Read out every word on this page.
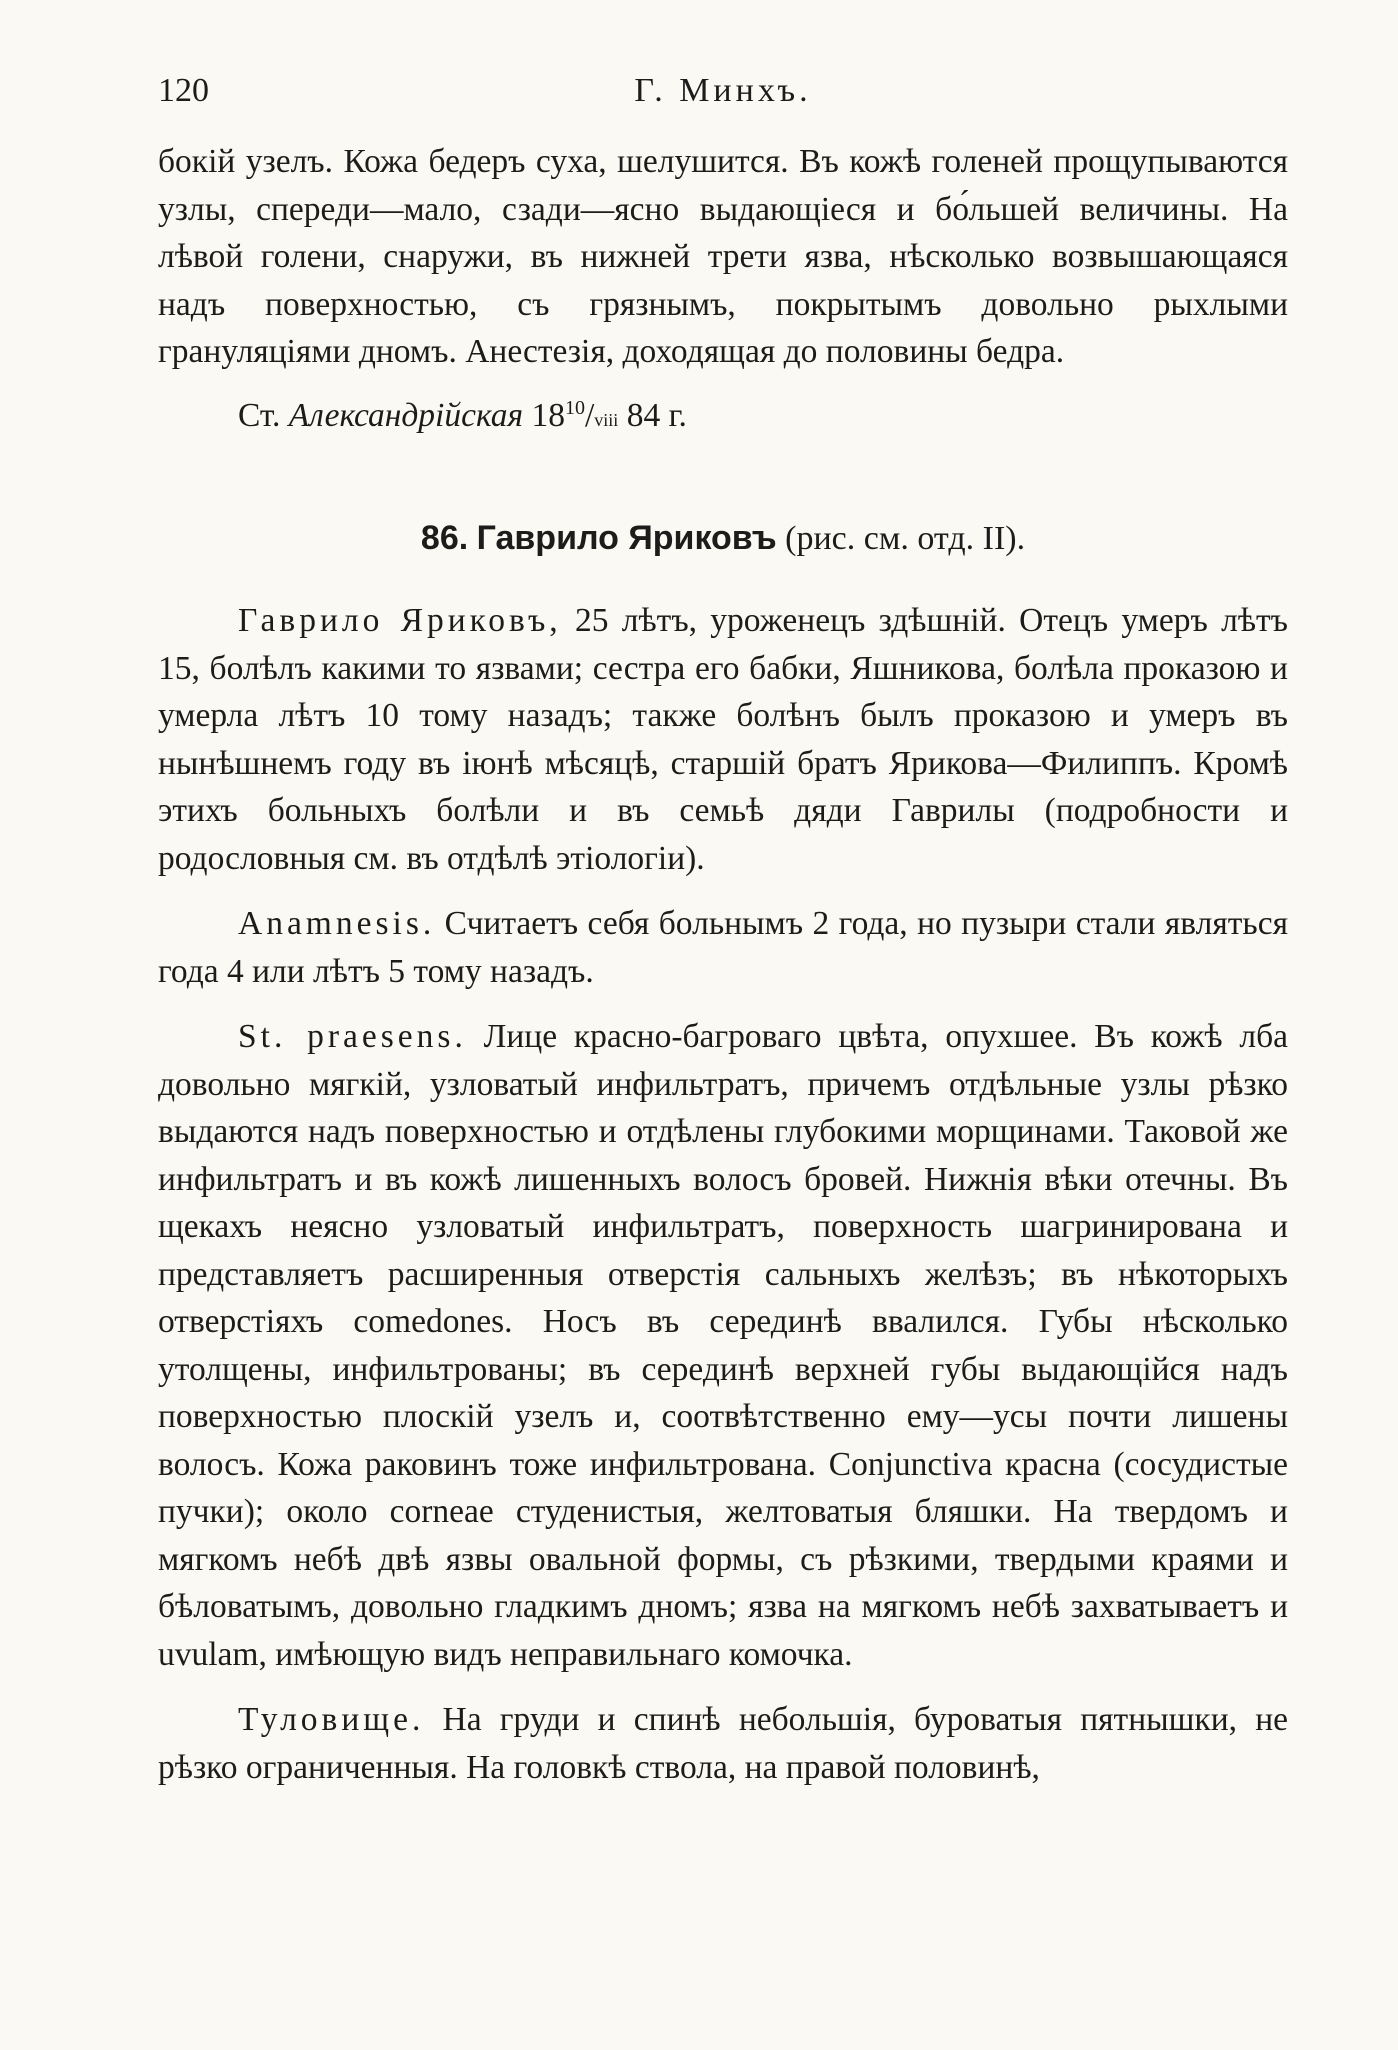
120	Г. Минхъ.

бокій узелъ. Кожа бедеръ суха, шелушится. Въ кожѣ голеней прощупываются узлы, спереди—мало, сзади—ясно выдающіеся и бо́льшей величины. На лѣвой голени, снаружи, въ нижней трети язва, нѣсколько возвышающаяся надъ поверхностью, съ грязнымъ, покрытымъ довольно рыхлыми грануляціями дномъ. Анестезія, доходящая до половины бедра.

Ст. Александрійская $18^{10}$/viii 84 г.
86. Гаврило Яриковъ (рис. см. отд. II).

Гаврило Яриковъ, 25 лѣтъ, уроженецъ здѣшній. Отецъ умеръ лѣтъ 15, болѣлъ какими то язвами; сестра его бабки, Яшникова, болѣла проказою и умерла лѣтъ 10 тому назадъ; также болѣнъ былъ проказою и умеръ въ нынѣшнемъ году въ іюнѣ мѣсяцѣ, старшій братъ Ярикова—Филиппъ. Кромѣ этихъ больныхъ болѣли и въ семьѣ дяди Гаврилы (подробности и родословныя см. въ отдѣлѣ этіологіи).

Anamnesis. Считаетъ себя больнымъ 2 года, но пузыри стали являться года 4 или лѣтъ 5 тому назадъ.

St. praesens. Лице красно-багроваго цвѣта, опухшее. Въ кожѣ лба довольно мягкій, узловатый инфильтратъ, причемъ отдѣльные узлы рѣзко выдаются надъ поверхностью и отдѣлены глубокими морщинами. Таковой же инфильтратъ и въ кожѣ лишенныхъ волосъ бровей. Нижнія вѣки отечны. Въ щекахъ неясно узловатый инфильтратъ, поверхность шагринирована и представляетъ расширенныя отверстія сальныхъ желѣзъ; въ нѣкоторыхъ отверстіяхъ comedones. Носъ въ серединѣ ввалился. Губы нѣсколько утолщены, инфильтрованы; въ серединѣ верхней губы выдающійся надъ поверхностью плоскій узелъ и, соотвѣтственно ему—усы почти лишены волосъ. Кожа раковинъ тоже инфильтрована. Conjunctiva красна (сосудистые пучки); около corneae студенистыя, желтоватыя бляшки. На твердомъ и мягкомъ небѣ двѣ язвы овальной формы, съ рѣзкими, твердыми краями и бѣловатымъ, довольно гладкимъ дномъ; язва на мягкомъ небѣ захватываетъ и uvulam, имѣющую видъ неправильнаго комочка.

Туловище. На груди и спинѣ небольшія, буроватыя пятнышки, не рѣзко ограниченныя. На головкѣ ствола, на правой половинѣ,
